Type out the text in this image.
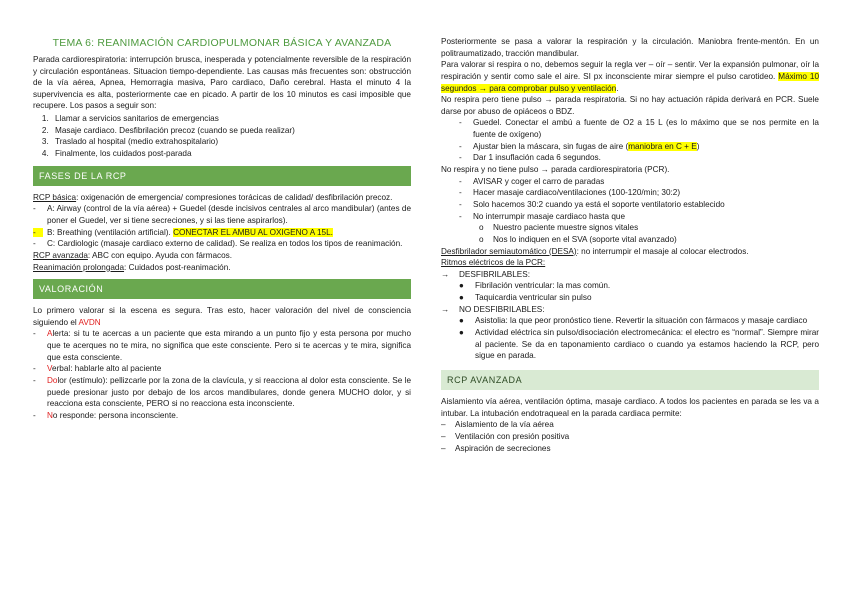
TEMA 6: REANIMACIÓN CARDIOPULMONAR BÁSICA Y AVANZADA

Parada cardiorespiratoria: interrupción brusca, inesperada y potencialmente reversible de la respiración y circulación espontáneas. Situacion tiempo-dependiente. Las causas más frecuentes son: obstrucción de la vía aérea, Apnea, Hemorragia masiva, Paro cardiaco, Daño cerebral. Hasta el minuto 4 la supervivencia es alta, posteriormente cae en picado. A partir de los 10 minutos es casi imposible que recupere. Los pasos a seguir son:

1. Llamar a servicios sanitarios de emergencias
2. Masaje cardiaco. Desfibrilación precoz (cuando se pueda realizar)
3. Traslado al hospital (medio extrahospitalario)
4. Finalmente, los cuidados post-parada
FASES DE LA RCP

RCP básica: oxigenación de emergencia/ compresiones torácicas de calidad/ desfibrilación precoz.

-	A: Airway (control de la vía aérea) + Guedel (desde incisivos centrales al arco mandibular) (antes de poner el Guedel, ver si tiene secreciones, y si las tiene aspirarlos).
- B: Breathing (ventilación artificial). CONECTAR EL AMBU AL OXIGENO A 15L.
-	C: Cardiologic (masaje cardiaco externo de calidad). Se realiza en todos los tipos de reanimación.

RCP avanzada: ABC con equipo. Ayuda con fármacos.

Reanimación prolongada: Cuidados post-reanimación.

VALORACIÓN

Lo primero valorar si la escena es segura. Tras esto, hacer valoración del nivel de consciencia siguiendo el AVDN

-	Alerta: si tu te acercas a un paciente que esta mirando a un punto fijo y esta persona por mucho que te acerques no te mira, no significa que este consciente. Pero si te acercas y te mira, significa que esta consciente.
-	Verbal: hablarle alto al paciente
-	Dolor (estímulo): pellizcarle por la zona de la clavícula, y si reacciona al dolor esta consciente. Se le puede presionar justo por debajo de los arcos mandibulares, donde genera MUCHO dolor, y si reacciona esta consciente, PERO si no reacciona esta inconsciente.
-	No responde: persona inconsciente.

Posteriormente se pasa a valorar la respiración y la circulación. Maniobra frente-mentón. En un politraumatizado, tracción mandibular.

Para valorar si respira o no, debemos seguir la regla ver – oír – sentir. Ver la expansión pulmonar, oír la respiración y sentir como sale el aire. SI px inconsciente mirar siempre el pulso carotideo. Máximo 10 segundos → para comprobar pulso y ventilación.

No respira pero tiene pulso → parada respiratoria. Si no hay actuación rápida derivará en PCR. Suele darse por abuso de opiáceos o BDZ.

-	Guedel. Conectar el ambú a fuente de O2 a 15 L (es lo máximo que se nos permite en la fuente de oxígeno)
-	Ajustar bien la máscara, sin fugas de aire (maniobra en C + E)
-	Dar 1 insuflación cada 6 segundos.

No respira y no tiene pulso → parada cardiorespiratoria (PCR).

-	AVISAR y coger el carro de paradas
-	Hacer masaje cardiaco/ventilaciones (100-120/min; 30:2)
-	Solo hacemos 30:2 cuando ya está el soporte ventilatorio establecido
-	No interrumpir masaje cardiaco hasta que
o	Nuestro paciente muestre signos vitales
o	Nos lo indiquen en el SVA (soporte vital avanzado)

Desfibrilador semiautomático (DESA): no interrumpir el masaje al colocar electrodos.

Ritmos eléctricos de la PCR:

→	DESFIBRILABLES:
●	Fibrilación ventricular: la mas común.
●	Taquicardia ventricular sin pulso
→	NO DESFIBRILABLES:
●	Asistolia: la que peor pronóstico tiene. Revertir la situación con fármacos y masaje cardiaco
●	Actividad eléctrica sin pulso/disociación electromecánica: el electro es “normal”. Siempre mirar al paciente. Se da en taponamiento cardiaco o cuando ya estamos haciendo la RCP, pero sigue en parada.
RCP AVANZADA

Aislamiento vía aérea, ventilación óptima, masaje cardiaco. A todos los pacientes en parada se les va a intubar. La intubación endotraqueal en la parada cardiaca permite:

–	Aislamiento de la vía aérea
–	Ventilación con presión positiva
–	Aspiración de secreciones
